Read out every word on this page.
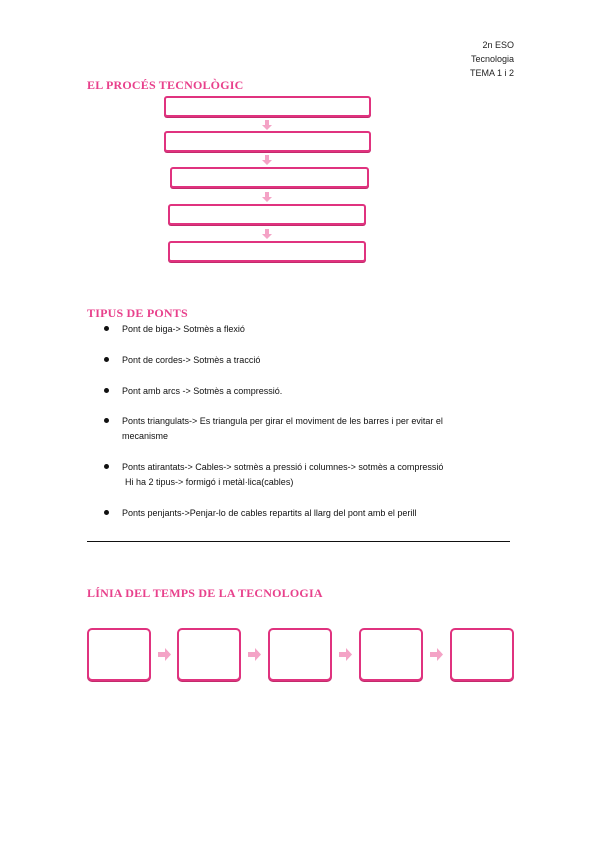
2n ESO
Tecnologia
TEMA 1 i 2
EL PROCÉS TECNOLÒGIC
TIPUS DE PONTS
Pont de biga-> Sotmès a flexió
Pont de cordes-> Sotmès a tracció
Pont amb arcs -> Sotmès a compressió.
Ponts triangulats-> Es triangula per girar el moviment de les barres i per evitar el
mecanisme
Ponts atirantats-> Cables-> sotmès a pressió i columnes-> sotmès a compressió
Hi ha 2 tipus-> formigó i metàl·lica(cables)
Ponts penjants->Penjar-lo de cables repartits al llarg del pont amb el perill
LÍNIA DEL TEMPS DE LA TECNOLOGIA
